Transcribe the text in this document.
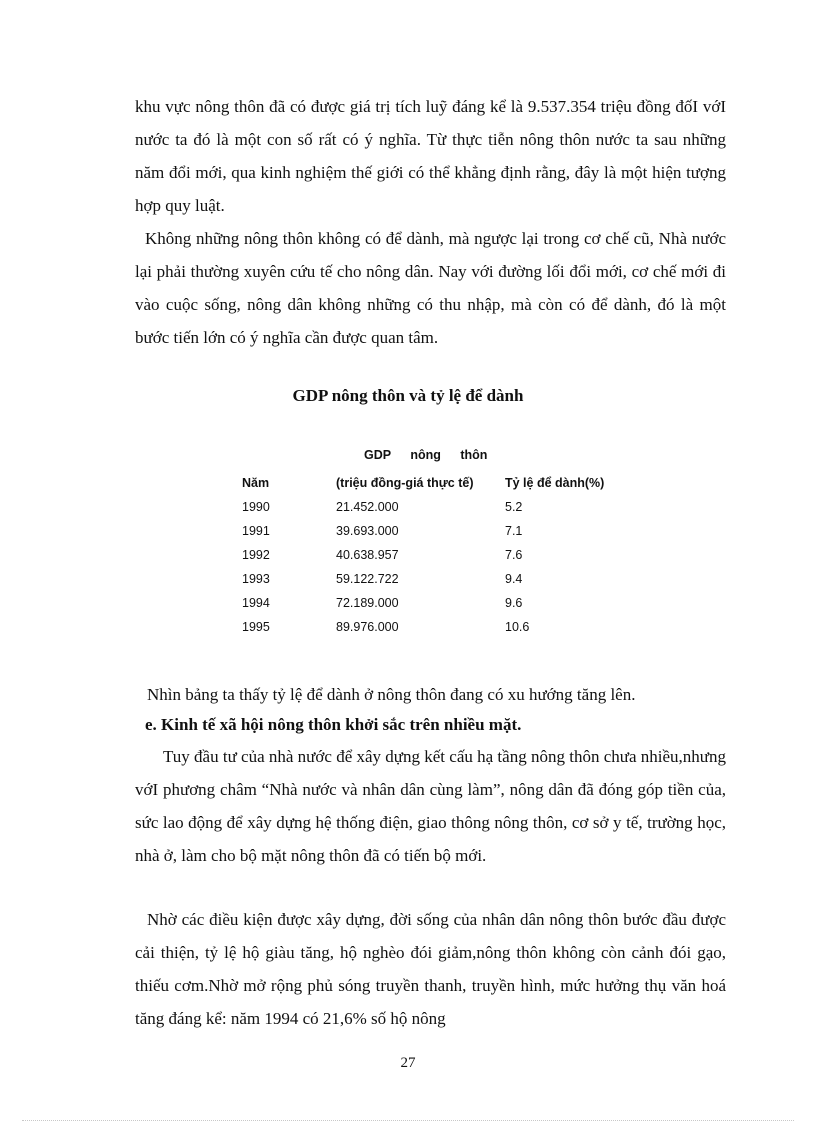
khu vực nông thôn đã có được giá trị tích luỹ đáng kể là 9.537.354 triệu đồng đốI vớI nước ta đó là một con số rất có ý nghĩa. Từ thực tiễn nông thôn nước ta sau những năm đổi mới, qua kinh nghiệm thế giới có thể khẳng định rằng, đây là một hiện tượng hợp quy luật.

Không những nông thôn không có để dành, mà ngược lại trong cơ chế cũ, Nhà nước lại phải thường xuyên cứu tế cho nông dân. Nay với đường lối đổi mới, cơ chế mới đi vào cuộc sống, nông dân không những có thu nhập, mà còn có để dành, đó là một bước tiến lớn có ý nghĩa cần được quan tâm.

GDP nông thôn và tỷ lệ để dành
GDP nông thôn
Năm	(triệu đồng-giá thực tế)	Tỷ lệ để dành(%)
1990	21.452.000	5.2
1991	39.693.000	7.1
1992	40.638.957	7.6
1993	59.122.722	9.4
1994	72.189.000	9.6
1995	89.976.000	10.6

Nhìn bảng ta thấy tỷ lệ để dành ở nông thôn đang có xu hướng tăng lên.

e. Kinh tế xã hội nông thôn khởi sắc trên nhiều mặt.

Tuy đầu tư của nhà nước để xây dựng kết cấu hạ tầng nông thôn chưa nhiều,nhưng vớI phương châm “Nhà nước và nhân dân cùng làm”, nông dân đã đóng góp tiền của, sức lao động để xây dựng hệ thống điện, giao thông nông thôn, cơ sở y tế, trường học, nhà ở, làm cho bộ mặt nông thôn đã có tiến bộ mới.

Nhờ các điều kiện được xây dựng, đời sống của nhân dân nông thôn bước đầu được cải thiện, tỷ lệ hộ giàu tăng, hộ nghèo đói giảm,nông thôn không còn cảnh đói gạo, thiếu cơm.Nhờ mở rộng phủ sóng truyền thanh, truyền hình, mức hưởng thụ văn hoá tăng đáng kể: năm 1994 có 21,6% số hộ nông

27
